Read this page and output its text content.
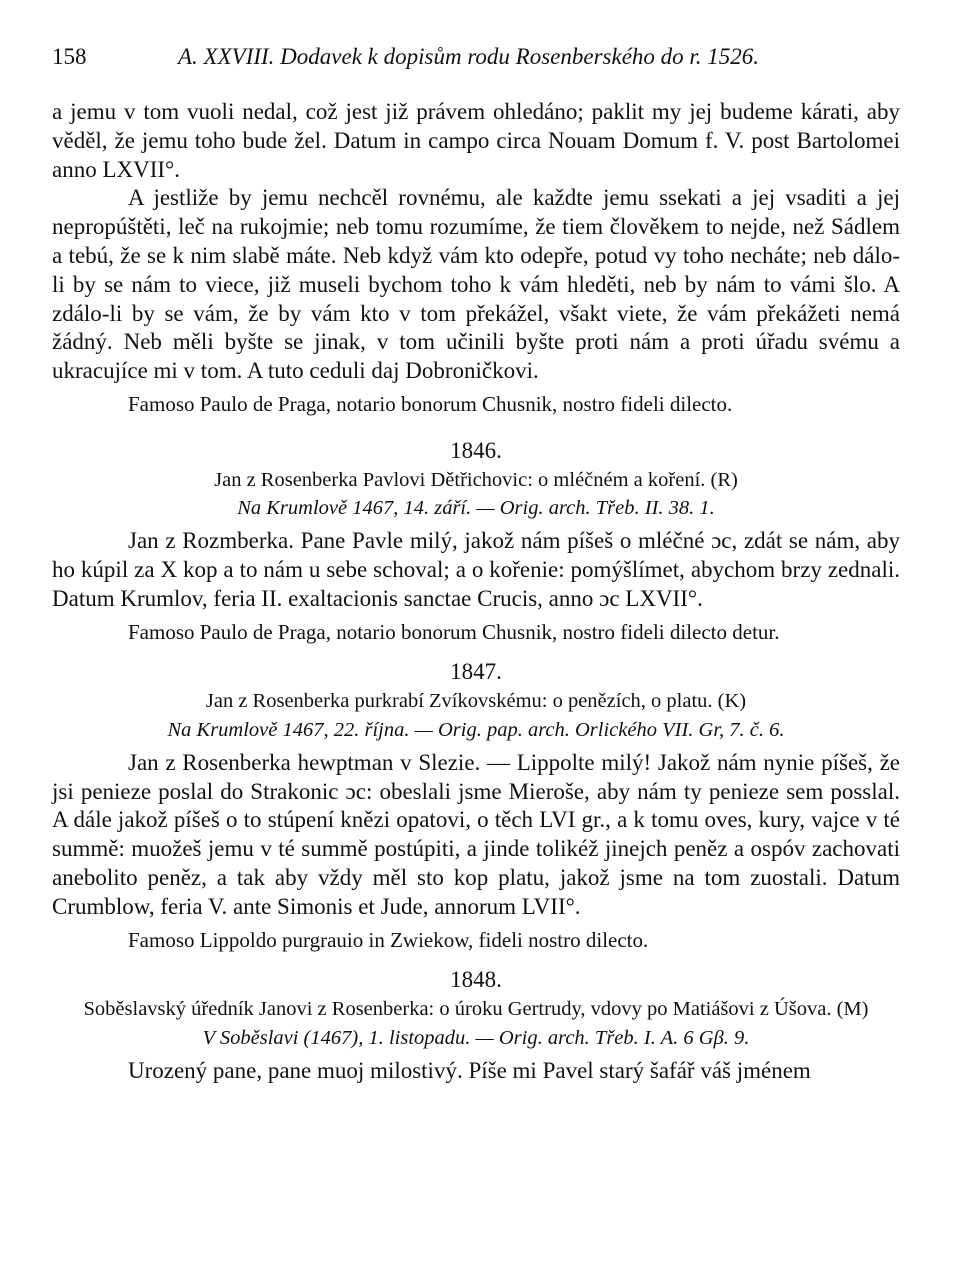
158	A. XXVIII. Dodavek k dopisům rodu Rosenberského do r. 1526.

a jemu v tom vuoli nedal, což jest již právem ohledáno; paklit my jej budeme kárati, aby věděl, že jemu toho bude žel. Datum in campo circa Nouam Domum f. V. post Bartolomei anno LXVII°.

A jestliže by jemu nechcěl rovnému, ale každte jemu ssekati a jej vsaditi a jej nepropúštěti, leč na rukojmie; neb tomu rozumíme, že tiem člověkem to nejde, než Sádlem a tebú, že se k nim slabě máte. Neb když vám kto odepře, potud vy toho necháte; neb dálo-li by se nám to viece, již museli bychom toho k vám hleděti, neb by nám to vámi šlo. A zdálo-li by se vám, že by vám kto v tom překážel, všakt viete, že vám překážeti nemá žádný. Neb měli byšte se jinak, v tom učinili byšte proti nám a proti úřadu svému a ukracujíce mi v tom. A tuto ceduli daj Dobroničkovi.

Famoso Paulo de Praga, notario bonorum Chusnik, nostro fideli dilecto.

1846.
Jan z Rosenberka Pavlovi Dětřichovic: o mléčném a koření. (R)
Na Krumlově 1467, 14. září. — Orig. arch. Třeb. II. 38. 1.

Jan z Rozmberka. Pane Pavle milý, jakož nám píšeš o mléčné ɔc, zdát se nám, aby ho kúpil za X kop a to nám u sebe schoval; a o kořenie: pomýšlímet, abychom brzy zednali. Datum Krumlov, feria II. exaltacionis sanctae Crucis, anno ɔc LXVII°.

Famoso Paulo de Praga, notario bonorum Chusnik, nostro fideli dilecto detur.

1847.
Jan z Rosenberka purkrabí Zvíkovskému: o penězích, o platu. (K)
Na Krumlově 1467, 22. října. — Orig. pap. arch. Orlického VII. Gr, 7. č. 6.

Jan z Rosenberka hewptman v Slezie. — Lippolte milý! Jakož nám nynie píšeš, že jsi penieze poslal do Strakonic ɔc: obeslali jsme Mieroše, aby nám ty penieze sem posslal. A dále jakož píšeš o to stúpení knězi opatovi, o těch LVI gr., a k tomu oves, kury, vajce v té summě: muožeš jemu v té summě postúpiti, a jinde tolikéž jinejch peněz a ospóv zachovati anebolito peněz, a tak aby vždy měl sto kop platu, jakož jsme na tom zuostali. Datum Crumblow, feria V. ante Simonis et Jude, annorum LVII°.

Famoso Lippoldo purgrauio in Zwiekow, fideli nostro dilecto.

1848.
Soběslavský úředník Janovi z Rosenberka: o úroku Gertrudy, vdovy po Matiášovi z Úšova. (M)
V Soběslavi (1467), 1. listopadu. — Orig. arch. Třeb. I. A. 6 Gβ. 9.

Urozený pane, pane muoj milostivý. Píše mi Pavel starý šafář váš jménem
